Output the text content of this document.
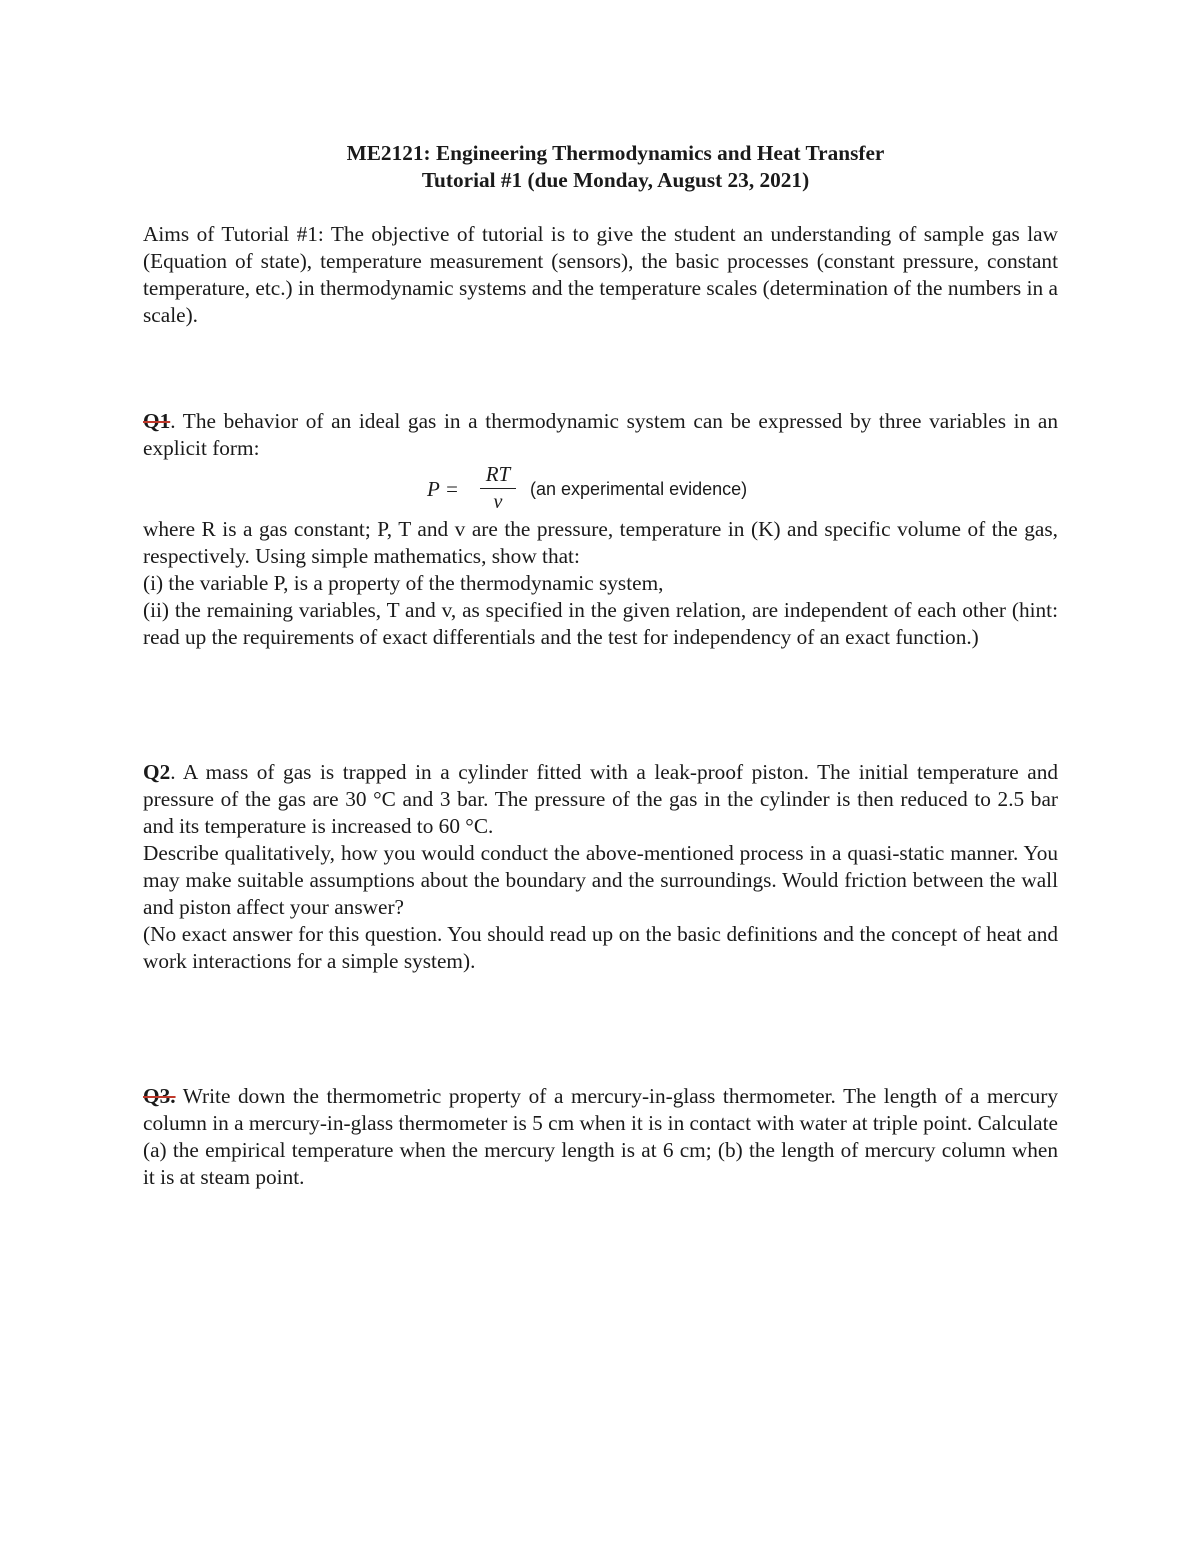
ME2121: Engineering Thermodynamics and Heat Transfer
Tutorial #1 (due Monday, August 23, 2021)

Aims of Tutorial #1: The objective of tutorial is to give the student an understanding of sample gas law (Equation of state), temperature measurement (sensors), the basic processes (constant pressure, constant temperature, etc.) in thermodynamic systems and the temperature scales (determination of the numbers in a scale).

Q1. The behavior of an ideal gas in a thermodynamic system can be expressed by three variables in an explicit form:

$P = \frac{RT}{v} (an$ experimental evidence)

where R is a gas constant; P, T and v are the pressure, temperature in (K) and specific volume of the gas, respectively. Using simple mathematics, show that:

(i) the variable P, is a property of the thermodynamic system,

(ii) the remaining variables, T and v, as specified in the given relation, are independent of each other (hint: read up the requirements of exact differentials and the test for independency of an exact function.)

Q2. A mass of gas is trapped in a cylinder fitted with a leak-proof piston. The initial temperature and pressure of the gas are 30 °C and 3 bar. The pressure of the gas in the cylinder is then reduced to 2.5 bar and its temperature is increased to 60 °C.

Describe qualitatively, how you would conduct the above-mentioned process in a quasi-static manner. You may make suitable assumptions about the boundary and the surroundings. Would friction between the wall and piston affect your answer?

(No exact answer for this question. You should read up on the basic definitions and the concept of heat and work interactions for a simple system).

Q3. Write down the thermometric property of a mercury-in-glass thermometer. The length of a mercury column in a mercury-in-glass thermometer is 5 cm when it is in contact with water at triple point. Calculate (a) the empirical temperature when the mercury length is at 6 cm; (b) the length of mercury column when it is at steam point.
